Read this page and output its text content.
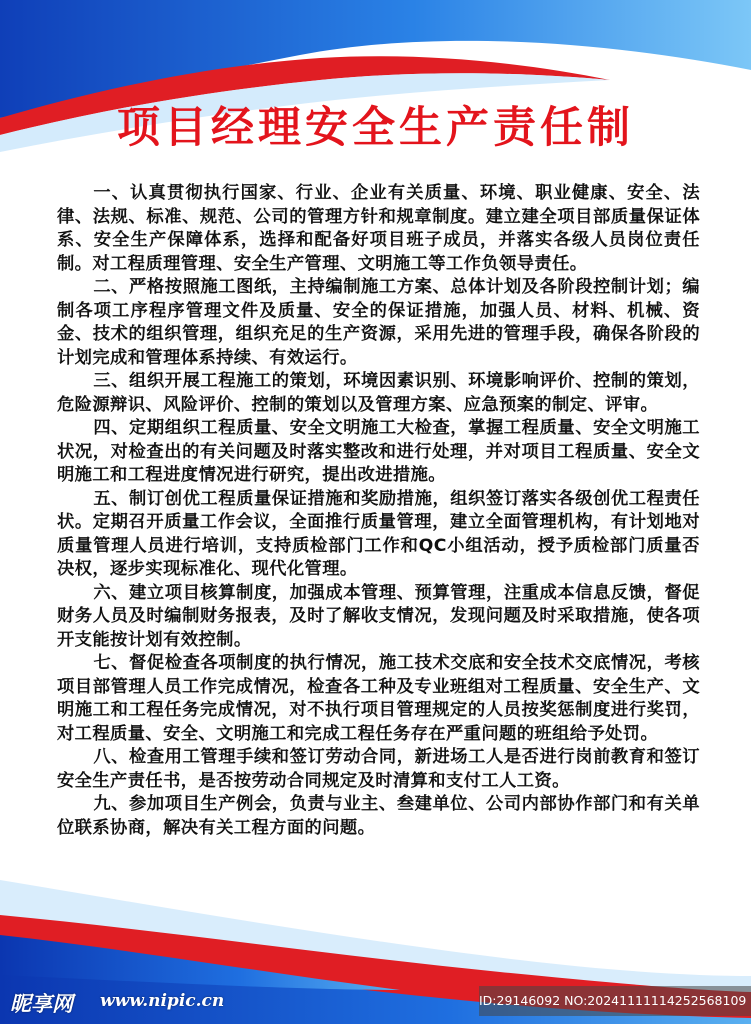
项目经理安全生产责任制

一、认真贯彻执行国家、行业、企业有关质量、环境、职业健康、安全、法律、法规、标准、规范、公司的管理方针和规章制度。建立建全项目部质量保证体系、安全生产保障体系，选择和配备好项目班子成员，并落实各级人员岗位责任制。对工程质理管理、安全生产管理、文明施工等工作负领导责任。

二、严格按照施工图纸，主持编制施工方案、总体计划及各阶段控制计划；编制各项工序程序管理文件及质量、安全的保证措施，加强人员、材料、机械、资金、技术的组织管理，组织充足的生产资源，采用先进的管理手段，确保各阶段的计划完成和管理体系持续、有效运行。

三、组织开展工程施工的策划，环境因素识别、环境影响评价、控制的策划，危险源辩识、风险评价、控制的策划以及管理方案、应急预案的制定、评审。

四、定期组织工程质量、安全文明施工大检查，掌握工程质量、安全文明施工状况，对检查出的有关问题及时落实整改和进行处理，并对项目工程质量、安全文明施工和工程进度情况进行研究，提出改进措施。

五、制订创优工程质量保证措施和奖励措施，组织签订落实各级创优工程责任状。定期召开质量工作会议，全面推行质量管理，建立全面管理机构，有计划地对质量管理人员进行培训，支持质检部门工作和QC小组活动，授予质检部门质量否决权，逐步实现标准化、现代化管理。

六、建立项目核算制度，加强成本管理、预算管理，注重成本信息反馈，督促财务人员及时编制财务报表，及时了解收支情况，发现问题及时采取措施，使各项开支能按计划有效控制。

七、督促检查各项制度的执行情况，施工技术交底和安全技术交底情况，考核项目部管理人员工作完成情况，检查各工种及专业班组对工程质量、安全生产、文明施工和工程任务完成情况，对不执行项目管理规定的人员按奖惩制度进行奖罚，对工程质量、安全、文明施工和完成工程任务存在严重问题的班组给予处罚。

八、检查用工管理手续和签订劳动合同，新进场工人是否进行岗前教育和签订安全生产责任书，是否按劳动合同规定及时清算和支付工人工资。

九、参加项目生产例会，负责与业主、叁建单位、公司内部协作部门和有关单位联系协商，解决有关工程方面的问题。

昵享网 www.nipic.cn	ID:29146092 NO:20241111114252568109
